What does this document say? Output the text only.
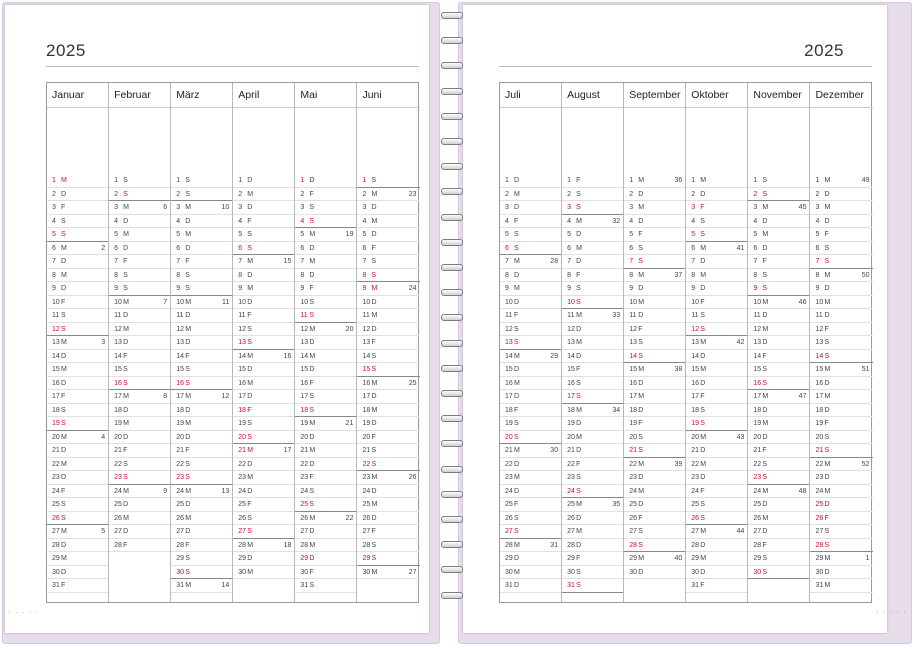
2025
Januar
1 M
2 D
3 F
4 S
5 S
6 M	2
7 D
8 M
9 D
10 F
11 S
12 S
13 M	3
14 D
15 M
16 D
17 F
18 S
19 S
20 M	4
21 D
22 M
23 D
24 F
25 S
26 S
27 M	5
28 D
29 M
30 D
31 F
Februar
1 S
2 S
3 M	6
4 D
5 M
6 D
7 F
8 S
9 S
10 M	7
11 D
12 M
13 D
14 F
15 S
16 S
17 M	8
18 D
19 M
20 D
21 F
22 S
23 S
24 M	9
25 D
26 M
27 D
28 F
März
1 S
2 S
3 M	10
4 D
5 M
6 D
7 F
8 S
9 S
10 M	11
11 D
12 M
13 D
14 F
15 S
16 S
17 M	12
18 D
19 M
20 D
21 F
22 S
23 S
24 M	13
25 D
26 M
27 D
28 F
29 S
30 S
31 M	14
April
1 D
2 M
3 D
4 F
5 S
6 S
7 M	15
8 D
9 M
10 D
11 F
12 S
13 S
14 M	16
15 D
16 M
17 D
18 F
19 S
20 S
21 M	17
22 D
23 M
24 D
25 F
26 S
27 S
28 M	18
29 D
30 M
Mai
1 D
2 F
3 S
4 S
5 M	19
6 D
7 M
8 D
9 F
10 S
11 S
12 M	20
13 D
14 M
15 D
16 F
17 S
18 S
19 M	21
20 D
21 M
22 D
23 F
24 S
25 S
26 M	22
27 D
28 M
29 D
30 F
31 S
Juni
1 S
2 M	23
3 D
4 M
5 D
6 F
7 S
8 S
9 M	24
10 D
11 M
12 D
13 F
14 S
15 S
16 M	25
17 D
18 M
19 D
20 F
21 S
22 S
23 M	26
24 D
25 M
26 D
27 F
28 S
29 S
30 M	27
2025
Juli
1 D
2 M
3 D
4 F
5 S
6 S
7 M	28
8 D
9 M
10 D
11 F
12 S
13 S
14 M	29
15 D
16 M
17 D
18 F
19 S
20 S
21 M	30
22 D
23 M
24 D
25 F
26 S
27 S
28 M	31
29 D
30 M
31 D
August
1 F
2 S
3 S
4 M	32
5 D
6 M
7 D
8 F
9 S
10 S
11 M	33
12 D
13 M
14 D
15 F
16 S
17 S
18 M	34
19 D
20 M
21 D
22 F
23 S
24 S
25 M	35
26 D
27 M
28 D
29 F
30 S
31 S
September
1 M	36
2 D
3 M
4 D
5 F
6 S
7 S
8 M	37
9 D
10 M
11 D
12 F
13 S
14 S
15 M	38
16 D
17 M
18 D
19 F
20 S
21 S
22 M	39
23 D
24 M
25 D
26 F
27 S
28 S
29 M	40
30 D
Oktober
1 M
2 D
3 F
4 S
5 S
6 M	41
7 D
8 M
9 D
10 F
11 S
12 S
13 M	42
14 D
15 M
16 D
17 F
18 S
19 S
20 M	43
21 D
22 M
23 D
24 F
25 S
26 S
27 M	44
28 D
29 M
30 D
31 F
November
1 S
2 S
3 M	45
4 D
5 M
6 D
7 F
8 S
9 S
10 M	46
11 D
12 M
13 D
14 F
15 S
16 S
17 M	47
18 D
19 M
20 D
21 F
22 S
23 S
24 M	48
25 D
26 M
27 D
28 F
29 S
30 S
Dezember
1 M	49
2 D
3 M
4 D
5 F
6 S
7 S
8 M	50
9 D
10 M
11 D
12 F
13 S
14 S
15 M	51
16 D
17 M
18 D
19 F
20 S
21 S
22 M	52
23 D
24 M
25 D
26 F
27 S
28 S
29 M	1
30 D
31 M
· · · · ·	· · · · ·
